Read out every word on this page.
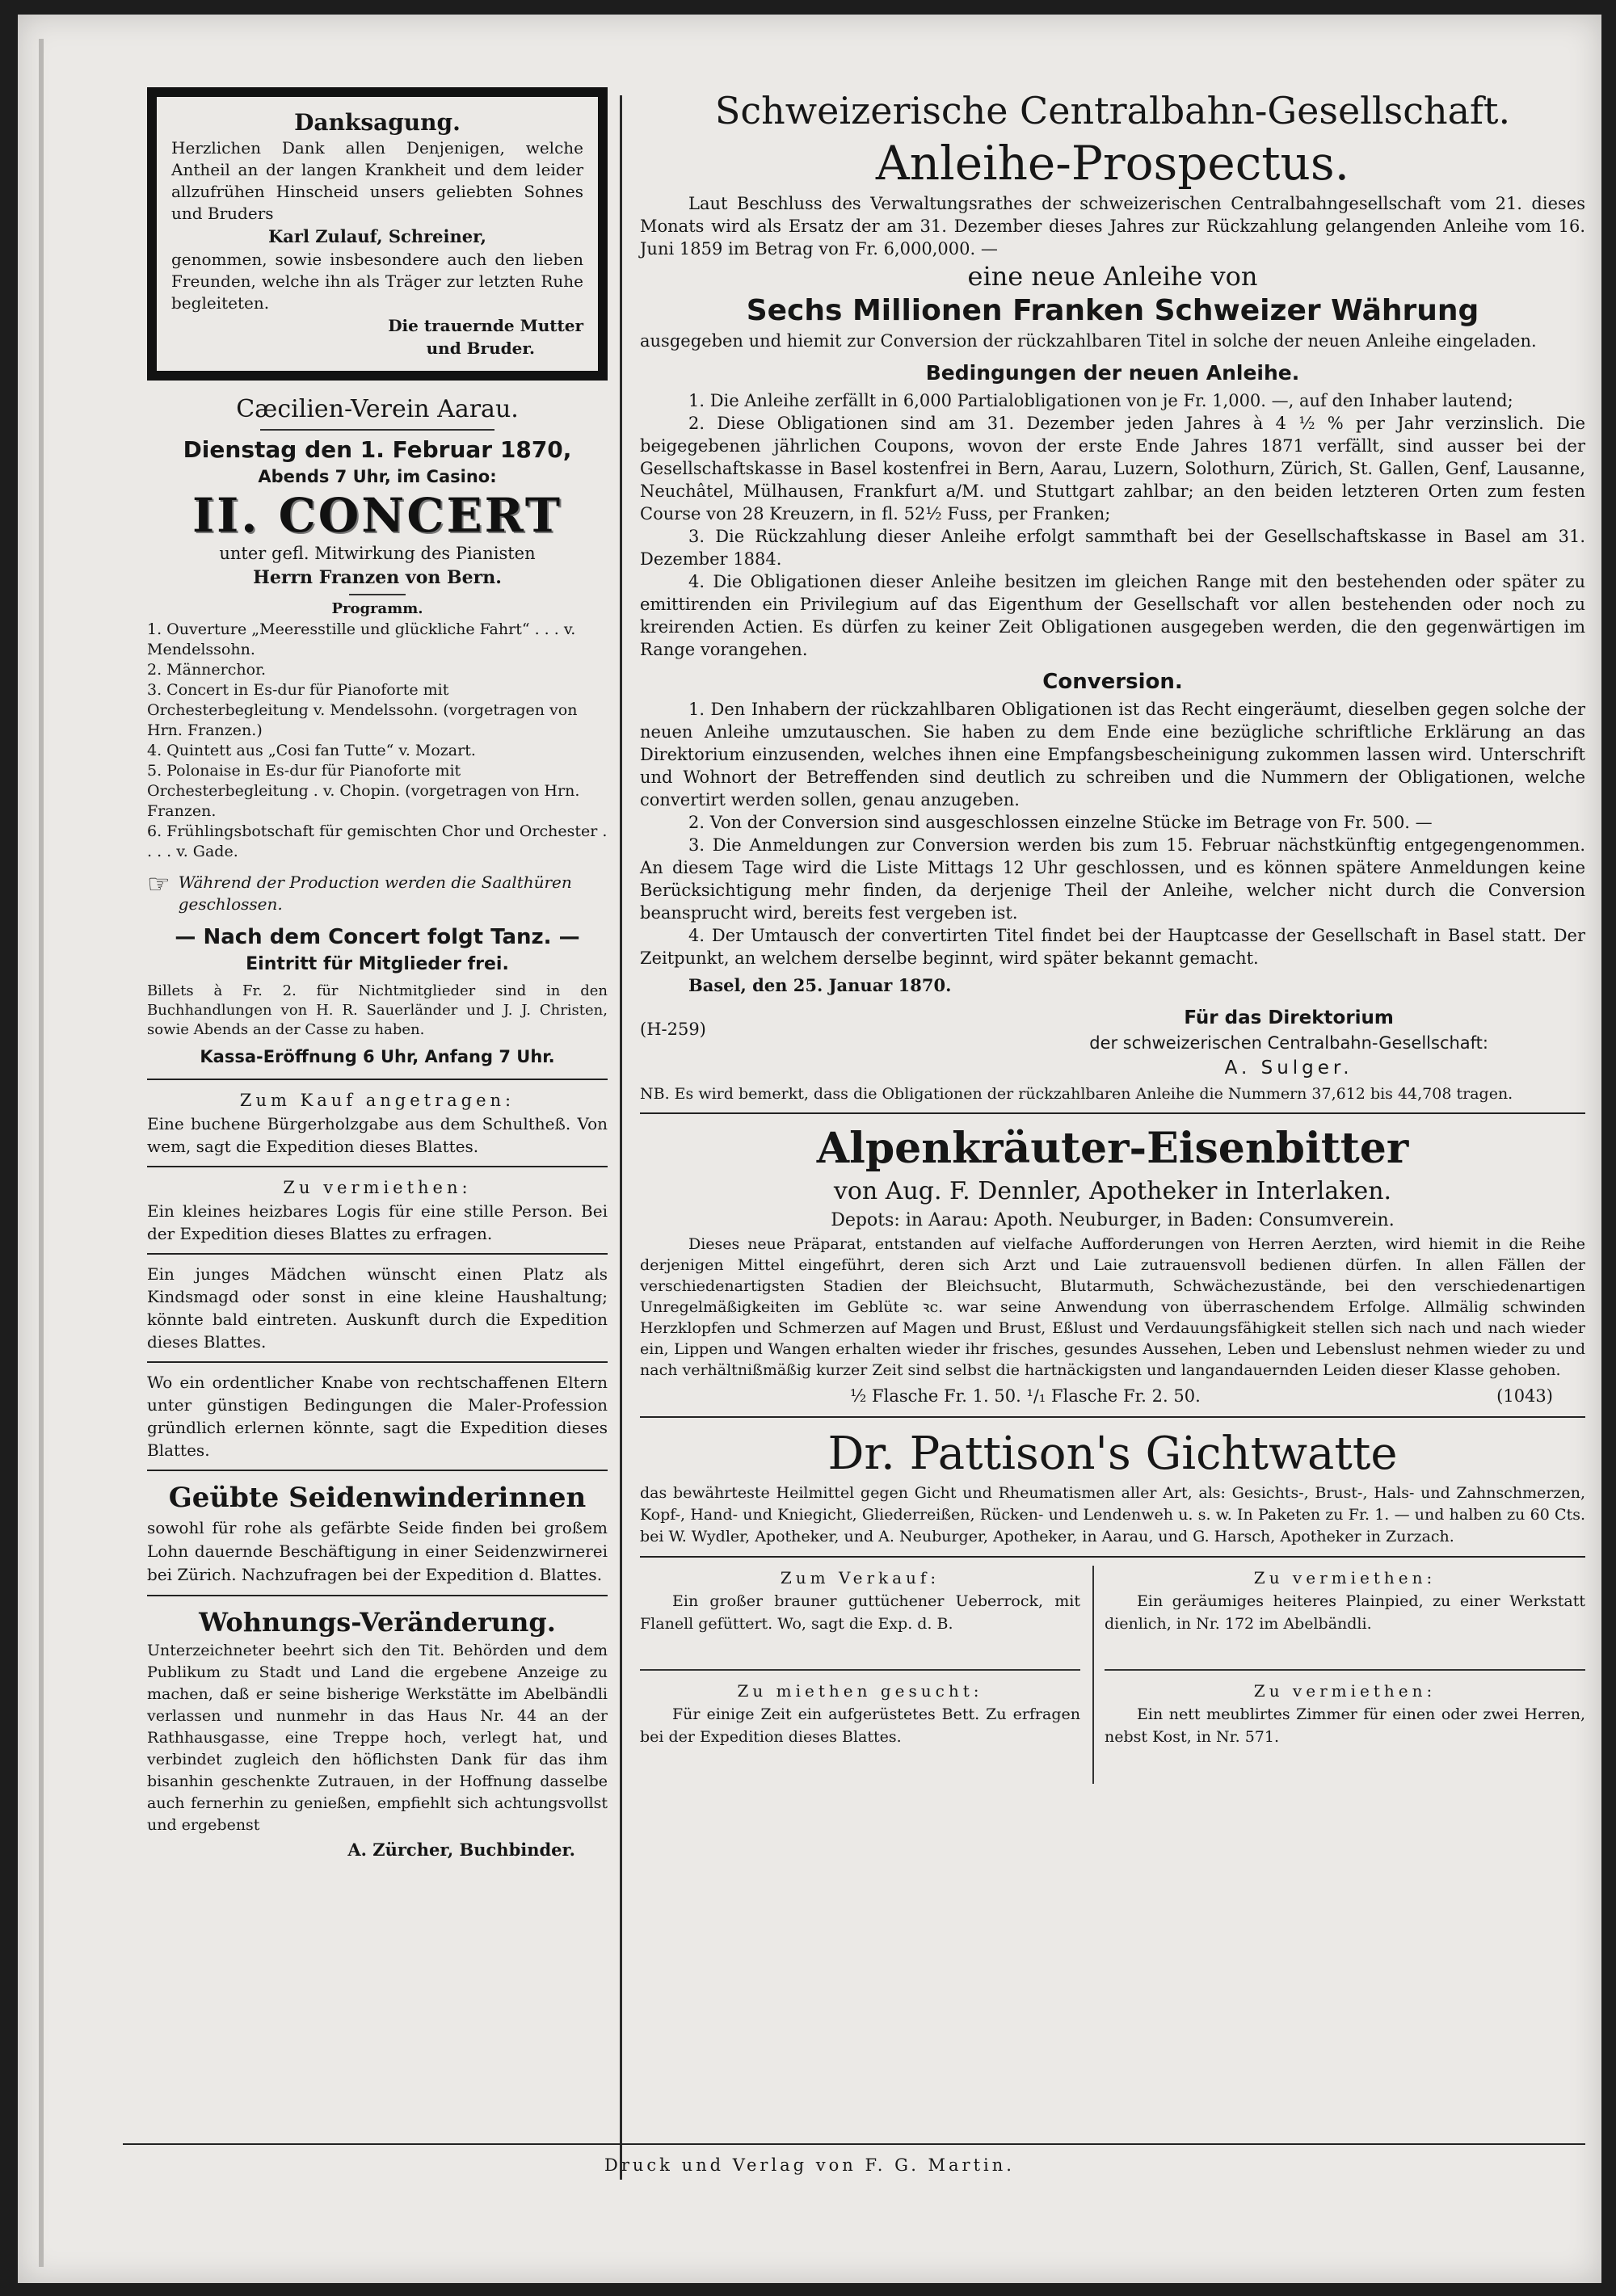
Danksagung.

Herzlichen Dank allen Denjenigen, welche Antheil an der langen Krankheit und dem leider allzufrühen Hinscheid unsers geliebten Sohnes und Bruders

Karl Zulauf, Schreiner,

genommen, sowie insbesondere auch den lieben Freunden, welche ihn als Träger zur letzten Ruhe begleiteten.

Die trauernde Mutter

und Bruder.

Cæcilien-Verein Aarau.

Dienstag den 1. Februar 1870,

Abends 7 Uhr, im Casino:

II. CONCERT

unter gefl. Mitwirkung des Pianisten

Herrn Franzen von Bern.

Programm.

1. Ouverture „Meeresstille und glückliche Fahrt“ . . . v. Mendelssohn.
2. Männerchor.
3. Concert in Es-dur für Pianoforte mit Orchesterbegleitung v. Mendelssohn. (vorgetragen von Hrn. Franzen.)
4. Quintett aus „Cosi fan Tutte“ v. Mozart.
5. Polonaise in Es-dur für Pianoforte mit Orchesterbegleitung . v. Chopin. (vorgetragen von Hrn. Franzen.
6. Frühlingsbotschaft für gemischten Chor und Orchester . . . . v. Gade.
☞ Während der Production werden die Saalthüren geschlossen.

— Nach dem Concert folgt Tanz. —

Eintritt für Mitglieder frei.

Billets à Fr. 2. für Nichtmitglieder sind in den Buchhandlungen von H. R. Sauerländer und J. J. Christen, sowie Abends an der Casse zu haben.

Kassa-Eröffnung 6 Uhr, Anfang 7 Uhr.

Zum Kauf angetragen:

Eine buchene Bürgerholzgabe aus dem Schultheß. Von wem, sagt die Expedition dieses Blattes.

Zu vermiethen:

Ein kleines heizbares Logis für eine stille Person. Bei der Expedition dieses Blattes zu erfragen.

Ein junges Mädchen wünscht einen Platz als Kindsmagd oder sonst in eine kleine Haushaltung; könnte bald eintreten. Auskunft durch die Expedition dieses Blattes.

Wo ein ordentlicher Knabe von rechtschaffenen Eltern unter günstigen Bedingungen die Maler-Profession gründlich erlernen könnte, sagt die Expedition dieses Blattes.

Geübte Seidenwinderinnen

sowohl für rohe als gefärbte Seide finden bei großem Lohn dauernde Beschäftigung in einer Seidenzwirnerei bei Zürich. Nachzufragen bei der Expedition d. Blattes.

Wohnungs-Veränderung.

Unterzeichneter beehrt sich den Tit. Behörden und dem Publikum zu Stadt und Land die ergebene Anzeige zu machen, daß er seine bisherige Werkstätte im Abelbändli verlassen und nunmehr in das Haus Nr. 44 an der Rathhausgasse, eine Treppe hoch, verlegt hat, und verbindet zugleich den höflichsten Dank für das ihm bisanhin geschenkte Zutrauen, in der Hoffnung dasselbe auch fernerhin zu genießen, empfiehlt sich achtungsvollst und ergebenst

A. Zürcher, Buchbinder.

Schweizerische Centralbahn-Gesellschaft.

Anleihe-Prospectus.

Laut Beschluss des Verwaltungsrathes der schweizerischen Centralbahngesellschaft vom 21. dieses Monats wird als Ersatz der am 31. Dezember dieses Jahres zur Rückzahlung gelangenden Anleihe vom 16. Juni 1859 im Betrag von Fr. 6,000,000. —

eine neue Anleihe von

Sechs Millionen Franken Schweizer Währung

ausgegeben und hiemit zur Conversion der rückzahlbaren Titel in solche der neuen Anleihe eingeladen.

Bedingungen der neuen Anleihe.

1. Die Anleihe zerfällt in 6,000 Partialobligationen von je Fr. 1,000. —, auf den Inhaber lautend;

2. Diese Obligationen sind am 31. Dezember jeden Jahres à 4 ½ % per Jahr verzinslich. Die beigegebenen jährlichen Coupons, wovon der erste Ende Jahres 1871 verfällt, sind ausser bei der Gesellschaftskasse in Basel kostenfrei in Bern, Aarau, Luzern, Solothurn, Zürich, St. Gallen, Genf, Lausanne, Neuchâtel, Mülhausen, Frankfurt a/M. und Stuttgart zahlbar; an den beiden letzteren Orten zum festen Course von 28 Kreuzern, in fl. 52½ Fuss, per Franken;

3. Die Rückzahlung dieser Anleihe erfolgt sammthaft bei der Gesellschaftskasse in Basel am 31. Dezember 1884.

4. Die Obligationen dieser Anleihe besitzen im gleichen Range mit den bestehenden oder später zu emittirenden ein Privilegium auf das Eigenthum der Gesellschaft vor allen bestehenden oder noch zu kreirenden Actien. Es dürfen zu keiner Zeit Obligationen ausgegeben werden, die den gegenwärtigen im Range vorangehen.

Conversion.

1. Den Inhabern der rückzahlbaren Obligationen ist das Recht eingeräumt, dieselben gegen solche der neuen Anleihe umzutauschen. Sie haben zu dem Ende eine bezügliche schriftliche Erklärung an das Direktorium einzusenden, welches ihnen eine Empfangsbescheinigung zukommen lassen wird. Unterschrift und Wohnort der Betreffenden sind deutlich zu schreiben und die Nummern der Obligationen, welche convertirt werden sollen, genau anzugeben.

2. Von der Conversion sind ausgeschlossen einzelne Stücke im Betrage von Fr. 500. —

3. Die Anmeldungen zur Conversion werden bis zum 15. Februar nächstkünftig entgegengenommen. An diesem Tage wird die Liste Mittags 12 Uhr geschlossen, und es können spätere Anmeldungen keine Berücksichtigung mehr finden, da derjenige Theil der Anleihe, welcher nicht durch die Conversion beansprucht wird, bereits fest vergeben ist.

4. Der Umtausch der convertirten Titel findet bei der Hauptcasse der Gesellschaft in Basel statt. Der Zeitpunkt, an welchem derselbe beginnt, wird später bekannt gemacht.

Basel, den 25. Januar 1870.

(H-259)

Für das Direktorium

der schweizerischen Centralbahn-Gesellschaft:

A. Sulger.

NB. Es wird bemerkt, dass die Obligationen der rückzahlbaren Anleihe die Nummern 37,612 bis 44,708 tragen.

Alpenkräuter-Eisenbitter

von Aug. F. Dennler, Apotheker in Interlaken.

Depots: in Aarau: Apoth. Neuburger, in Baden: Consumverein.

Dieses neue Präparat, entstanden auf vielfache Aufforderungen von Herren Aerzten, wird hiemit in die Reihe derjenigen Mittel eingeführt, deren sich Arzt und Laie zutrauensvoll bedienen dürfen. In allen Fällen der verschiedenartigsten Stadien der Bleichsucht, Blutarmuth, Schwächezustände, bei den verschiedenartigen Unregelmäßigkeiten im Geblüte ꝛc. war seine Anwendung von überraschendem Erfolge. Allmälig schwinden Herzklopfen und Schmerzen auf Magen und Brust, Eßlust und Verdauungsfähigkeit stellen sich nach und nach wieder ein, Lippen und Wangen erhalten wieder ihr frisches, gesundes Aussehen, Leben und Lebenslust nehmen wieder zu und nach verhältnißmäßig kurzer Zeit sind selbst die hartnäckigsten und langandauernden Leiden dieser Klasse gehoben.

½ Flasche Fr. 1. 50. ¹/₁ Flasche Fr. 2. 50.	(1043)

Dr. Pattison's Gichtwatte

das bewährteste Heilmittel gegen Gicht und Rheumatismen aller Art, als: Gesichts-, Brust-, Hals- und Zahnschmerzen, Kopf-, Hand- und Kniegicht, Gliederreißen, Rücken- und Lendenweh u. s. w. In Paketen zu Fr. 1. — und halben zu 60 Cts. bei W. Wydler, Apotheker, und A. Neuburger, Apotheker, in Aarau, und G. Harsch, Apotheker in Zurzach.

Zum Verkauf:

Ein großer brauner guttüchener Ueberrock, mit Flanell gefüttert. Wo, sagt die Exp. d. B.

Zu vermiethen:

Ein geräumiges heiteres Plainpied, zu einer Werkstatt dienlich, in Nr. 172 im Abelbändli.

Zu miethen gesucht:

Für einige Zeit ein aufgerüstetes Bett. Zu erfragen bei der Expedition dieses Blattes.

Zu vermiethen:

Ein nett meublirtes Zimmer für einen oder zwei Herren, nebst Kost, in Nr. 571.

Druck und Verlag von F. G. Martin.
